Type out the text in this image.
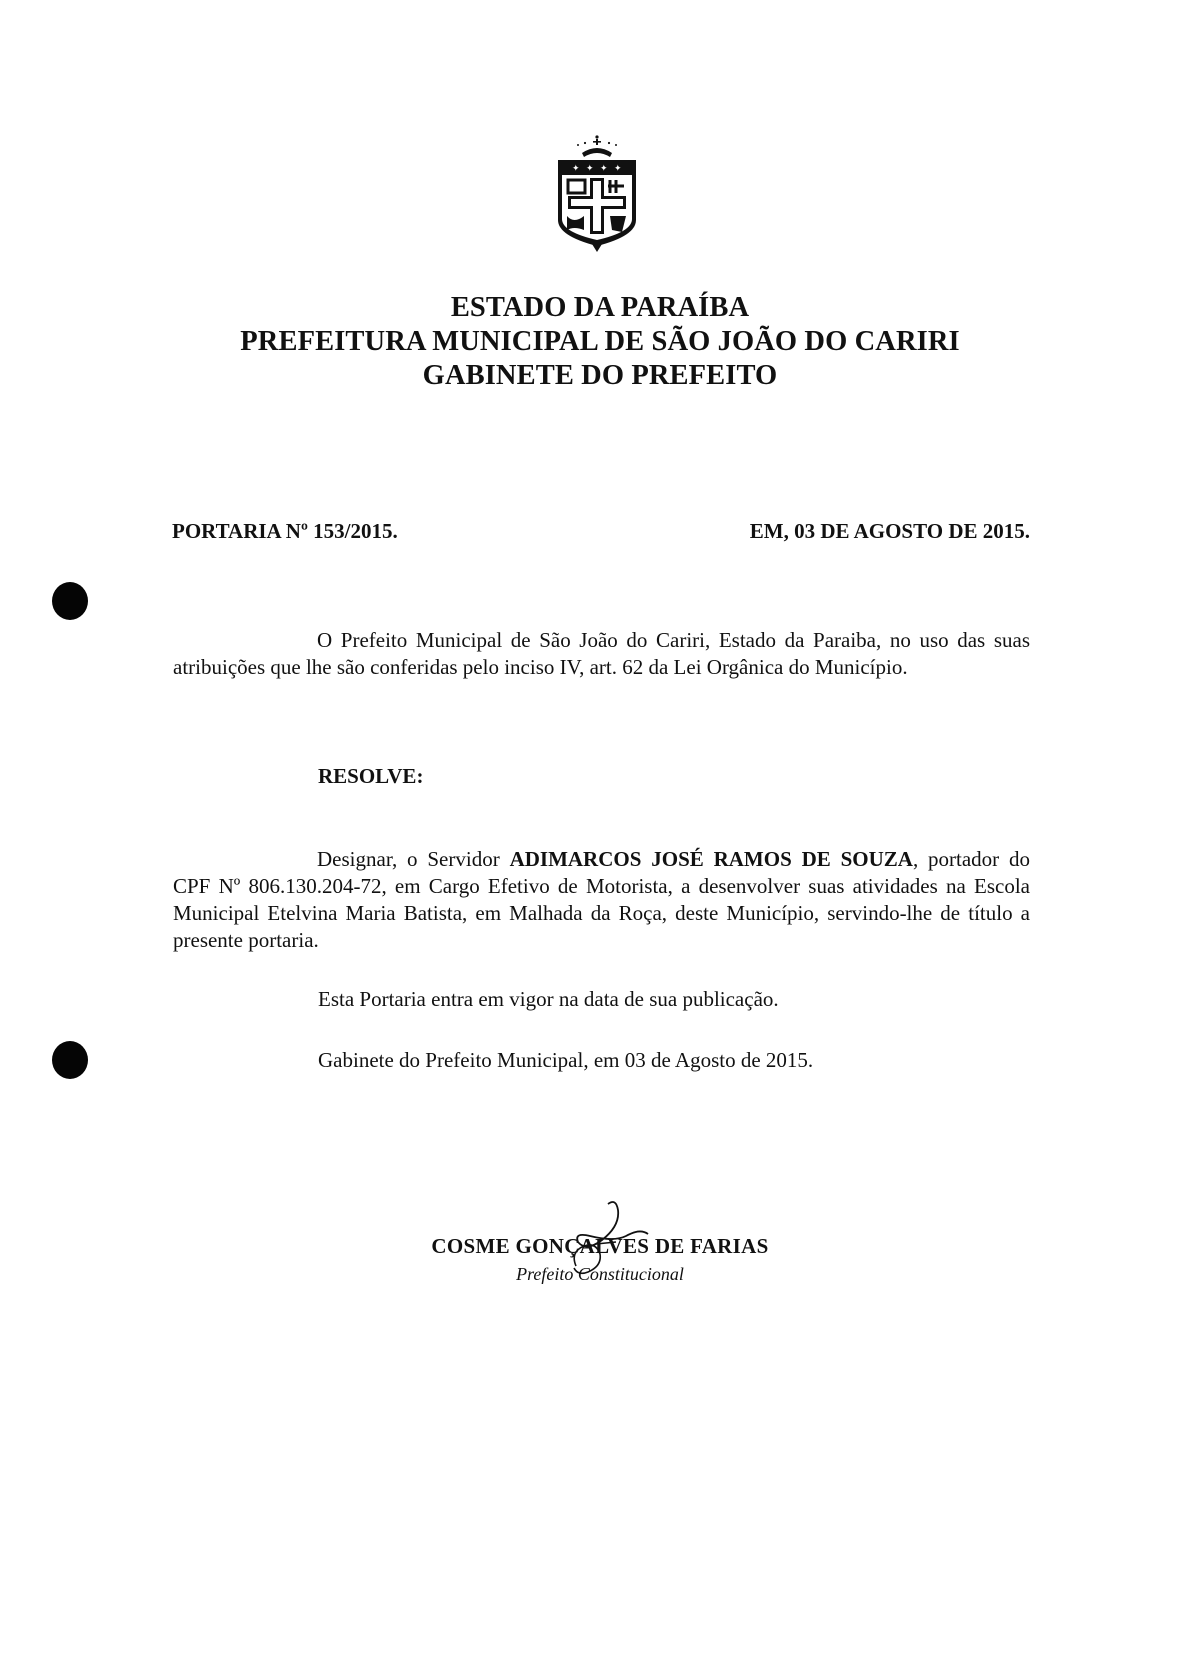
✦ ✦ ✦ ✦
ESTADO DA PARAÍBA
PREFEITURA MUNICIPAL DE SÃO JOÃO DO CARIRI
GABINETE DO PREFEITO
PORTARIA Nº 153/2015.	EM, 03 DE AGOSTO DE 2015.

O Prefeito Municipal de São João do Cariri, Estado da Paraiba, no uso das suas atribuições que lhe são conferidas pelo inciso IV, art. 62 da Lei Orgânica do Município.

RESOLVE:

Designar, o Servidor ADIMARCOS JOSÉ RAMOS DE SOUZA, portador do CPF Nº 806.130.204-72, em Cargo Efetivo de Motorista, a desenvolver suas atividades na Escola Municipal Etelvina Maria Batista, em Malhada da Roça, deste Município, servindo-lhe de título a presente portaria.

Esta Portaria entra em vigor na data de sua publicação.
Gabinete do Prefeito Municipal, em 03 de Agosto de 2015.
COSME GONÇALVES DE FARIAS
Prefeito Constitucional
